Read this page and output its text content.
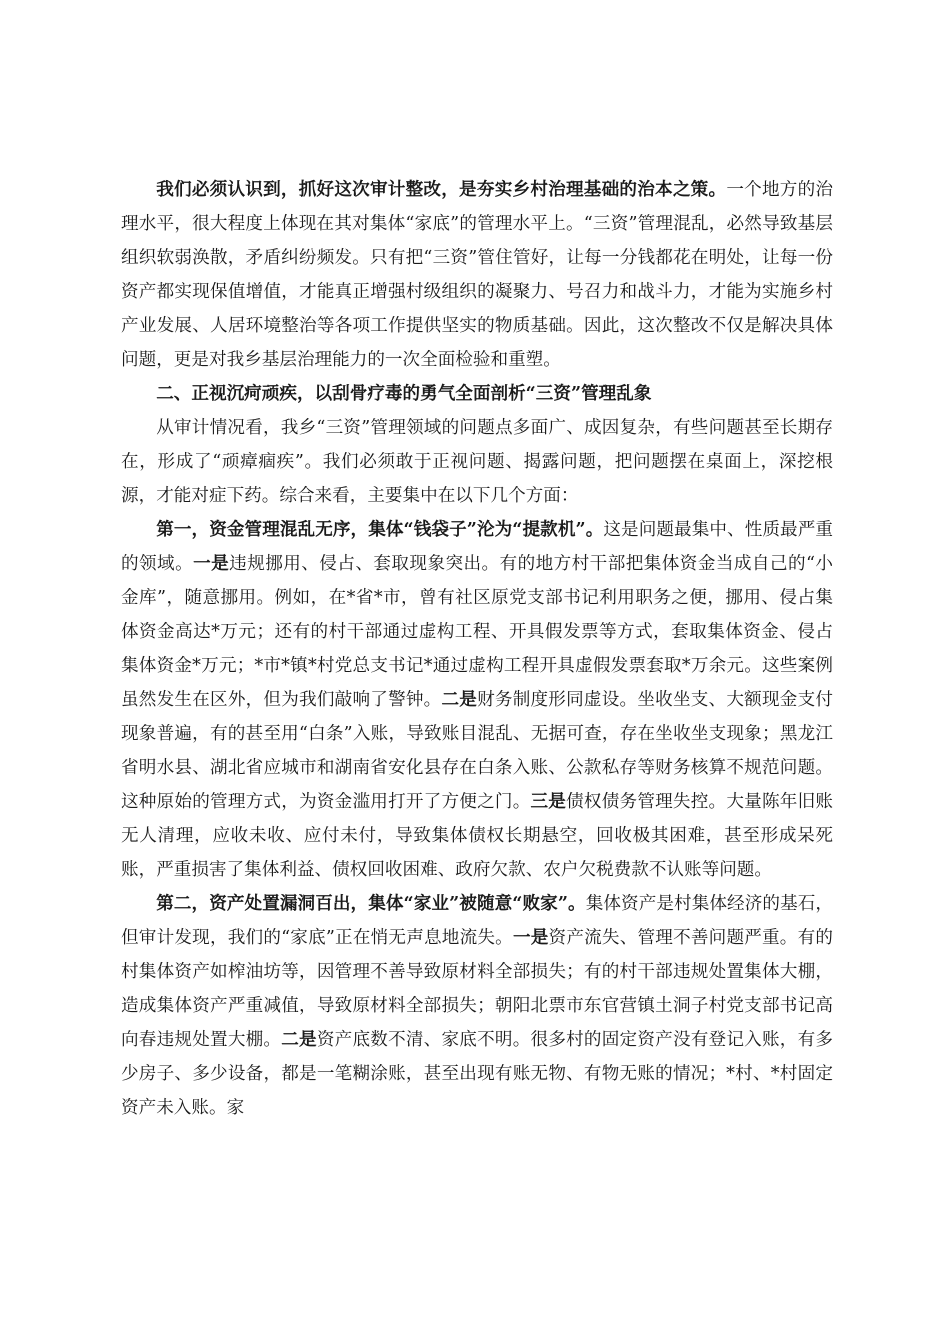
我们必须认识到，抓好这次审计整改，是夯实乡村治理基础的治本之策。一个地方的治理水平，很大程度上体现在其对集体“家底”的管理水平上。“三资”管理混乱，必然导致基层组织软弱涣散，矛盾纠纷频发。只有把“三资”管住管好，让每一分钱都花在明处，让每一份资产都实现保值增值，才能真正增强村级组织的凝聚力、号召力和战斗力，才能为实施乡村产业发展、人居环境整治等各项工作提供坚实的物质基础。因此，这次整改不仅是解决具体问题，更是对我乡基层治理能力的一次全面检验和重塑。

二、正视沉疴顽疾，以刮骨疗毒的勇气全面剖析“三资”管理乱象

从审计情况看，我乡“三资”管理领域的问题点多面广、成因复杂，有些问题甚至长期存在，形成了“顽瘴痼疾”。我们必须敢于正视问题、揭露问题，把问题摆在桌面上，深挖根源，才能对症下药。综合来看，主要集中在以下几个方面：

第一，资金管理混乱无序，集体“钱袋子”沦为“提款机”。这是问题最集中、性质最严重的领域。一是违规挪用、侵占、套取现象突出。有的地方村干部把集体资金当成自己的“小金库”，随意挪用。例如，在*省*市，曾有社区原党支部书记利用职务之便，挪用、侵占集体资金高达*万元；还有的村干部通过虚构工程、开具假发票等方式，套取集体资金、侵占集体资金*万元；*市*镇*村党总支书记*通过虚构工程开具虚假发票套取*万余元。这些案例虽然发生在区外，但为我们敲响了警钟。二是财务制度形同虚设。坐收坐支、大额现金支付现象普遍，有的甚至用“白条”入账，导致账目混乱、无据可查，存在坐收坐支现象；黑龙江省明水县、湖北省应城市和湖南省安化县存在白条入账、公款私存等财务核算不规范问题。这种原始的管理方式，为资金滥用打开了方便之门。三是债权债务管理失控。大量陈年旧账无人清理，应收未收、应付未付，导致集体债权长期悬空，回收极其困难，甚至形成呆死账，严重损害了集体利益、债权回收困难、政府欠款、农户欠税费款不认账等问题。

第二，资产处置漏洞百出，集体“家业”被随意“败家”。集体资产是村集体经济的基石，但审计发现，我们的“家底”正在悄无声息地流失。一是资产流失、管理不善问题严重。有的村集体资产如榨油坊等，因管理不善导致原材料全部损失；有的村干部违规处置集体大棚，造成集体资产严重减值，导致原材料全部损失；朝阳北票市东官营镇土洞子村党支部书记高向春违规处置大棚。二是资产底数不清、家底不明。很多村的固定资产没有登记入账，有多少房子、多少设备，都是一笔糊涂账，甚至出现有账无物、有物无账的情况；*村、*村固定资产未入账。家
